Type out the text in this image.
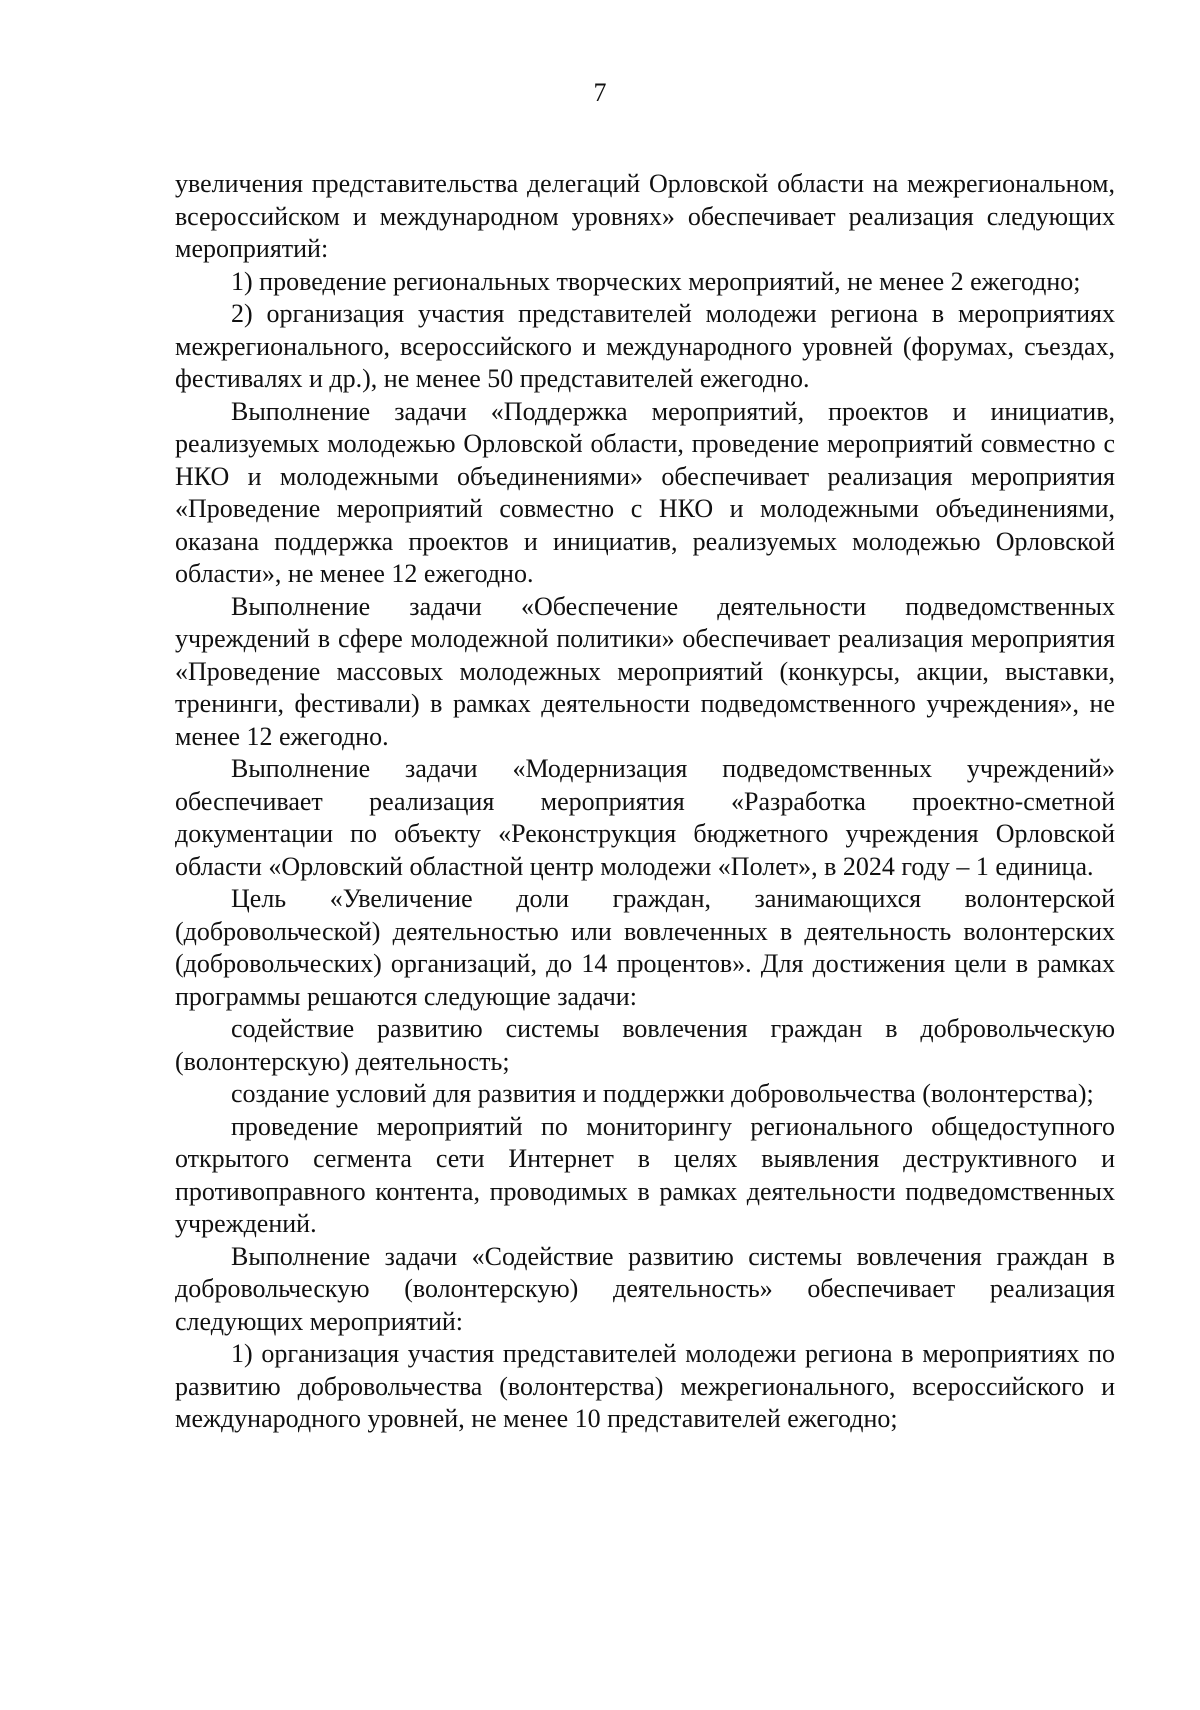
7

увеличения представительства делегаций Орловской области на межрегиональном, всероссийском и международном уровнях» обеспечивает реализация следующих мероприятий:

1) проведение региональных творческих мероприятий, не менее 2 ежегодно;

2) организация участия представителей молодежи региона в мероприятиях межрегионального, всероссийского и международного уровней (форумах, съездах, фестивалях и др.), не менее 50 представителей ежегодно.

Выполнение задачи «Поддержка мероприятий, проектов и инициатив, реализуемых молодежью Орловской области, проведение мероприятий совместно с НКО и молодежными объединениями» обеспечивает реализация мероприятия «Проведение мероприятий совместно с НКО и молодежными объединениями, оказана поддержка проектов и инициатив, реализуемых молодежью Орловской области», не менее 12 ежегодно.

Выполнение задачи «Обеспечение деятельности подведомственных учреждений в сфере молодежной политики» обеспечивает реализация мероприятия «Проведение массовых молодежных мероприятий (конкурсы, акции, выставки, тренинги, фестивали) в рамках деятельности подведомственного учреждения», не менее 12 ежегодно.

Выполнение задачи «Модернизация подведомственных учреждений» обеспечивает реализация мероприятия «Разработка проектно-сметной документации по объекту «Реконструкция бюджетного учреждения Орловской области «Орловский областной центр молодежи «Полет», в 2024 году – 1 единица.

Цель «Увеличение доли граждан, занимающихся волонтерской (добровольческой) деятельностью или вовлеченных в деятельность волонтерских (добровольческих) организаций, до 14 процентов». Для достижения цели в рамках программы решаются следующие задачи:

содействие развитию системы вовлечения граждан в добровольческую (волонтерскую) деятельность;

создание условий для развития и поддержки добровольчества (волонтерства);

проведение мероприятий по мониторингу регионального общедоступного открытого сегмента сети Интернет в целях выявления деструктивного и противоправного контента, проводимых в рамках деятельности подведомственных учреждений.

Выполнение задачи «Содействие развитию системы вовлечения граждан в добровольческую (волонтерскую) деятельность» обеспечивает реализация следующих мероприятий:

1) организация участия представителей молодежи региона в мероприятиях по развитию добровольчества (волонтерства) межрегионального, всероссийского и международного уровней, не менее 10 представителей ежегодно;
